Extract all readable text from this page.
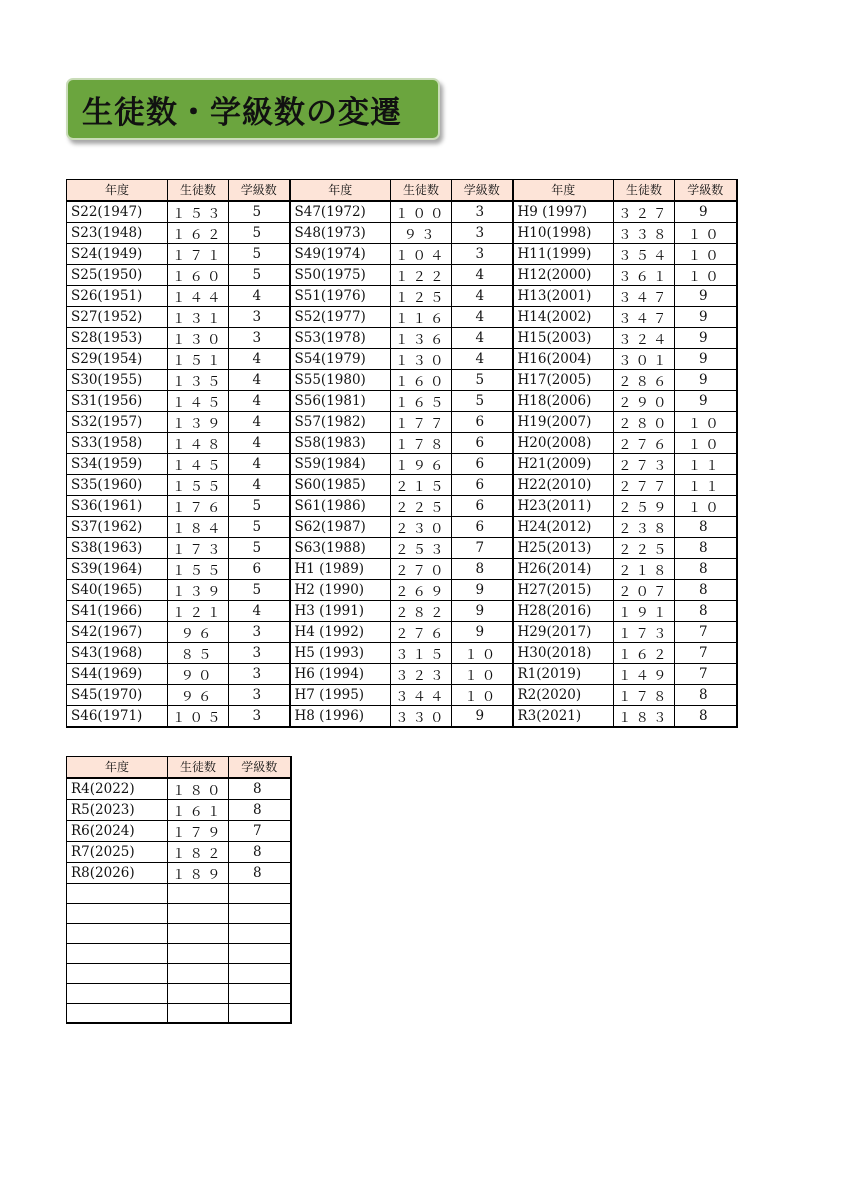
生徒数・学級数の変遷
年度	生徒数	学級数	年度	生徒数	学級数	年度	生徒数	学級数
S22(1947)	１５３	5	S47(1972)	１００	3	H9 (1997)	３２７	9
S23(1948)	１６２	5	S48(1973)	９３	3	H10(1998)	３３８	１０
S24(1949)	１７１	5	S49(1974)	１０４	3	H11(1999)	３５４	１０
S25(1950)	１６０	5	S50(1975)	１２２	4	H12(2000)	３６１	１０
S26(1951)	１４４	4	S51(1976)	１２５	4	H13(2001)	３４７	9
S27(1952)	１３１	3	S52(1977)	１１６	4	H14(2002)	３４７	9
S28(1953)	１３０	3	S53(1978)	１３６	4	H15(2003)	３２４	9
S29(1954)	１５１	4	S54(1979)	１３０	4	H16(2004)	３０１	9
S30(1955)	１３５	4	S55(1980)	１６０	5	H17(2005)	２８６	9
S31(1956)	１４５	4	S56(1981)	１６５	5	H18(2006)	２９０	9
S32(1957)	１３９	4	S57(1982)	１７７	6	H19(2007)	２８０	１０
S33(1958)	１４８	4	S58(1983)	１７８	6	H20(2008)	２７６	１０
S34(1959)	１４５	4	S59(1984)	１９６	6	H21(2009)	２７３	１１
S35(1960)	１５５	4	S60(1985)	２１５	6	H22(2010)	２７７	１１
S36(1961)	１７６	5	S61(1986)	２２５	6	H23(2011)	２５９	１０
S37(1962)	１８４	5	S62(1987)	２３０	6	H24(2012)	２３８	8
S38(1963)	１７３	5	S63(1988)	２５３	7	H25(2013)	２２５	8
S39(1964)	１５５	6	H1 (1989)	２７０	8	H26(2014)	２１８	8
S40(1965)	１３９	5	H2 (1990)	２６９	9	H27(2015)	２０７	8
S41(1966)	１２１	4	H3 (1991)	２８２	9	H28(2016)	１９１	8
S42(1967)	９６	3	H4 (1992)	２７６	9	H29(2017)	１７３	7
S43(1968)	８５	3	H5 (1993)	３１５	１０	H30(2018)	１６２	7
S44(1969)	９０	3	H6 (1994)	３２３	１０	R1(2019)	１４９	7
S45(1970)	９６	3	H7 (1995)	３４４	１０	R2(2020)	１７８	8
S46(1971)	１０５	3	H8 (1996)	３３０	9	R3(2021)	１８３	8
年度	生徒数	学級数
R4(2022)	１８０	8
R5(2023)	１６１	8
R6(2024)	１７９	7
R7(2025)	１８２	8
R8(2026)	１８９	8
